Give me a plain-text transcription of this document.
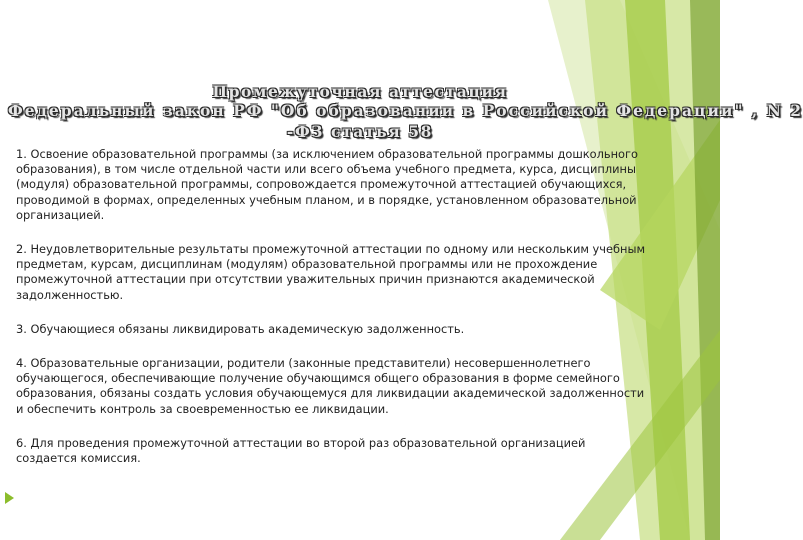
Промежуточная аттестация
Федеральный закон РФ "Об образовании в Российской Федерации" , N 2
-ФЗ статья 58

1. Освоение образовательной программы (за исключением образовательной программы дошкольного образования), в том числе отдельной части или всего объема учебного предмета, курса, дисциплины (модуля) образовательной программы, сопровождается промежуточной аттестацией обучающихся, проводимой в формах, определенных учебным планом, и в порядке, установленном образовательной организацией.

2. Неудовлетворительные результаты промежуточной аттестации по одному или нескольким учебным предметам, курсам, дисциплинам (модулям) образовательной программы или не прохождение промежуточной аттестации при отсутствии уважительных причин признаются академической задолженностью.

3. Обучающиеся обязаны ликвидировать академическую задолженность.

4. Образовательные организации, родители (законные представители) несовершеннолетнего обучающегося, обеспечивающие получение обучающимся общего образования в форме семейного образования, обязаны создать условия обучающемуся для ликвидации академической задолженности и обеспечить контроль за своевременностью ее ликвидации.

6. Для проведения промежуточной аттестации во второй раз образовательной организацией создается комиссия.
